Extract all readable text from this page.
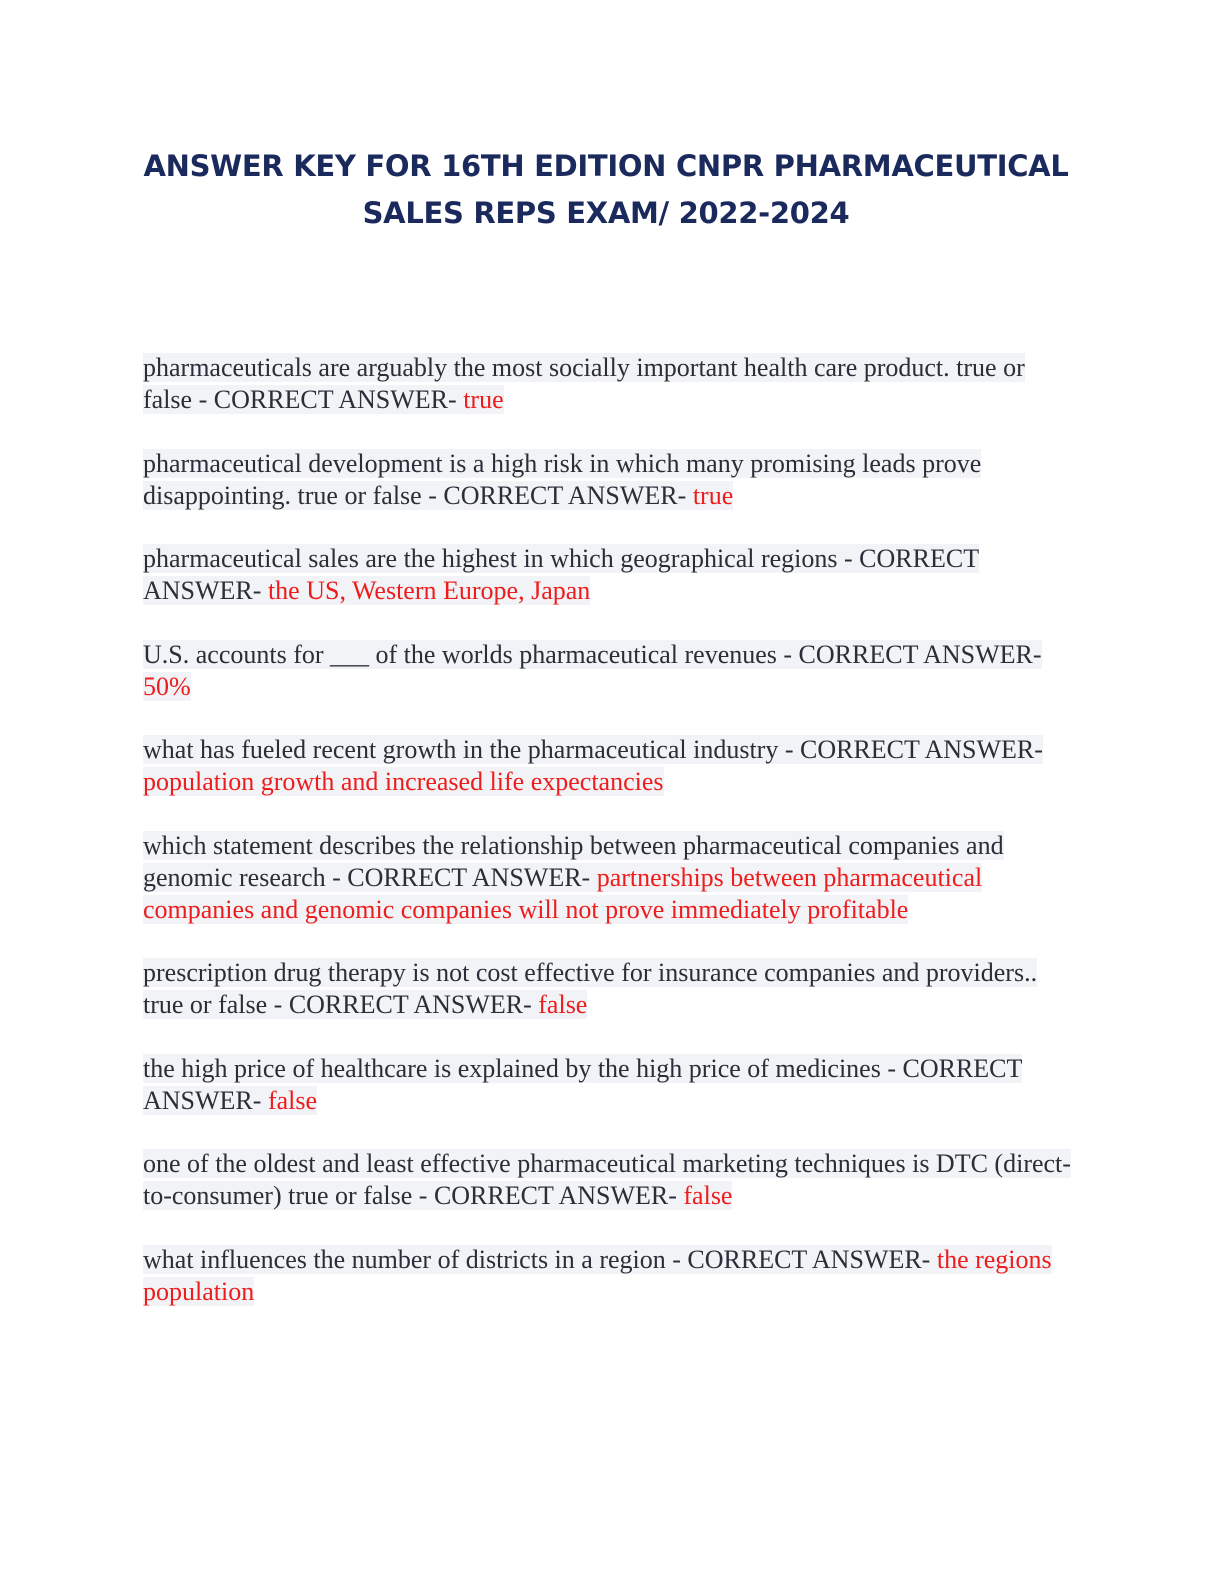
ANSWER KEY FOR 16TH EDITION CNPR PHARMACEUTICAL SALES REPS EXAM/ 2022-2024

pharmaceuticals are arguably the most socially important health care product. true or false - CORRECT ANSWER- true

pharmaceutical development is a high risk in which many promising leads prove disappointing. true or false - CORRECT ANSWER- true

pharmaceutical sales are the highest in which geographical regions - CORRECT ANSWER- the US, Western Europe, Japan

U.S. accounts for ___ of the worlds pharmaceutical revenues - CORRECT ANSWER- 50%

what has fueled recent growth in the pharmaceutical industry - CORRECT ANSWER- population growth and increased life expectancies

which statement describes the relationship between pharmaceutical companies and genomic research - CORRECT ANSWER- partnerships between pharmaceutical companies and genomic companies will not prove immediately profitable

prescription drug therapy is not cost effective for insurance companies and providers.. true or false - CORRECT ANSWER- false

the high price of healthcare is explained by the high price of medicines - CORRECT ANSWER- false

one of the oldest and least effective pharmaceutical marketing techniques is DTC (direct-to-consumer) true or false - CORRECT ANSWER- false

what influences the number of districts in a region - CORRECT ANSWER- the regions population
